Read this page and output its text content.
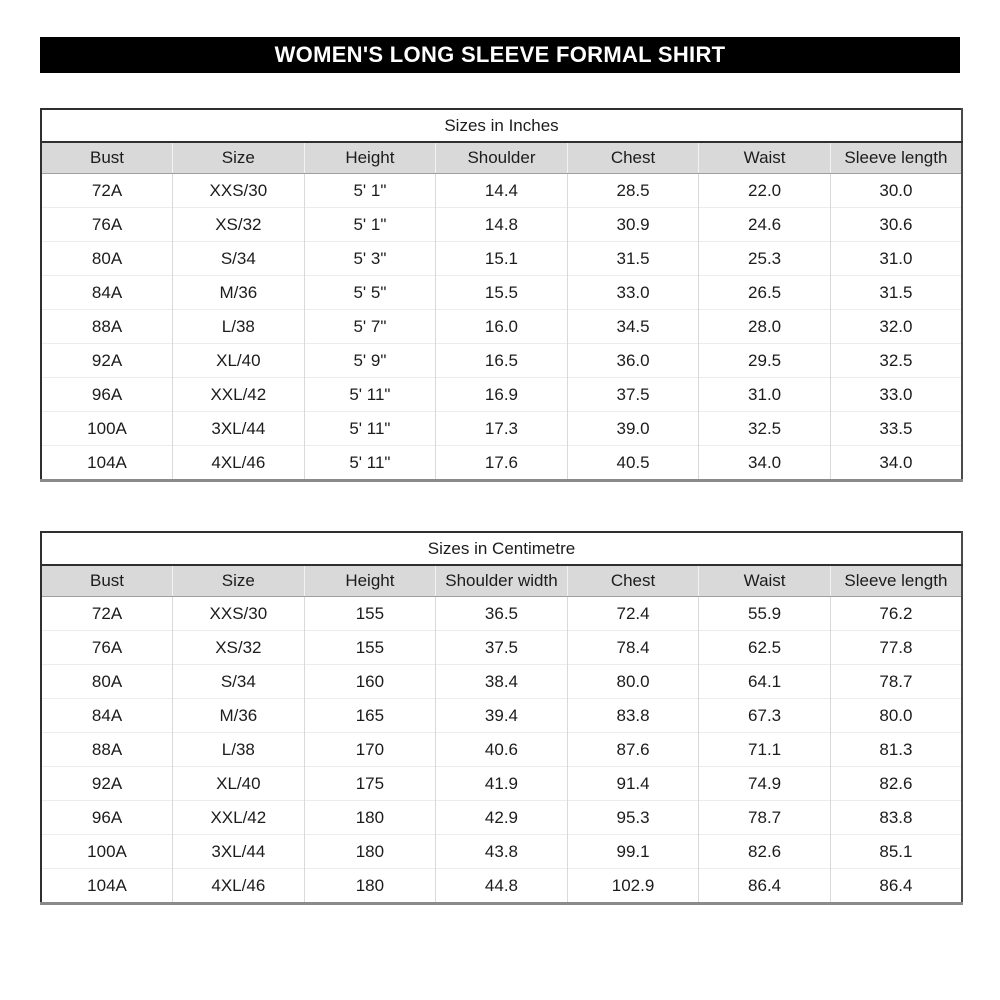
WOMEN'S LONG SLEEVE FORMAL SHIRT
Sizes in Inches						
Bust	Size	Height	Shoulder	Chest	Waist	Sleeve length
72A	XXS/30	5' 1"	14.4	28.5	22.0	30.0
76A	XS/32	5' 1"	14.8	30.9	24.6	30.6
80A	S/34	5' 3"	15.1	31.5	25.3	31.0
84A	M/36	5' 5"	15.5	33.0	26.5	31.5
88A	L/38	5' 7"	16.0	34.5	28.0	32.0
92A	XL/40	5' 9"	16.5	36.0	29.5	32.5
96A	XXL/42	5' 11"	16.9	37.5	31.0	33.0
100A	3XL/44	5' 11"	17.3	39.0	32.5	33.5
104A	4XL/46	5' 11"	17.6	40.5	34.0	34.0
Sizes in Centimetre						
Bust	Size	Height	Shoulder width	Chest	Waist	Sleeve length
72A	XXS/30	155	36.5	72.4	55.9	76.2
76A	XS/32	155	37.5	78.4	62.5	77.8
80A	S/34	160	38.4	80.0	64.1	78.7
84A	M/36	165	39.4	83.8	67.3	80.0
88A	L/38	170	40.6	87.6	71.1	81.3
92A	XL/40	175	41.9	91.4	74.9	82.6
96A	XXL/42	180	42.9	95.3	78.7	83.8
100A	3XL/44	180	43.8	99.1	82.6	85.1
104A	4XL/46	180	44.8	102.9	86.4	86.4
